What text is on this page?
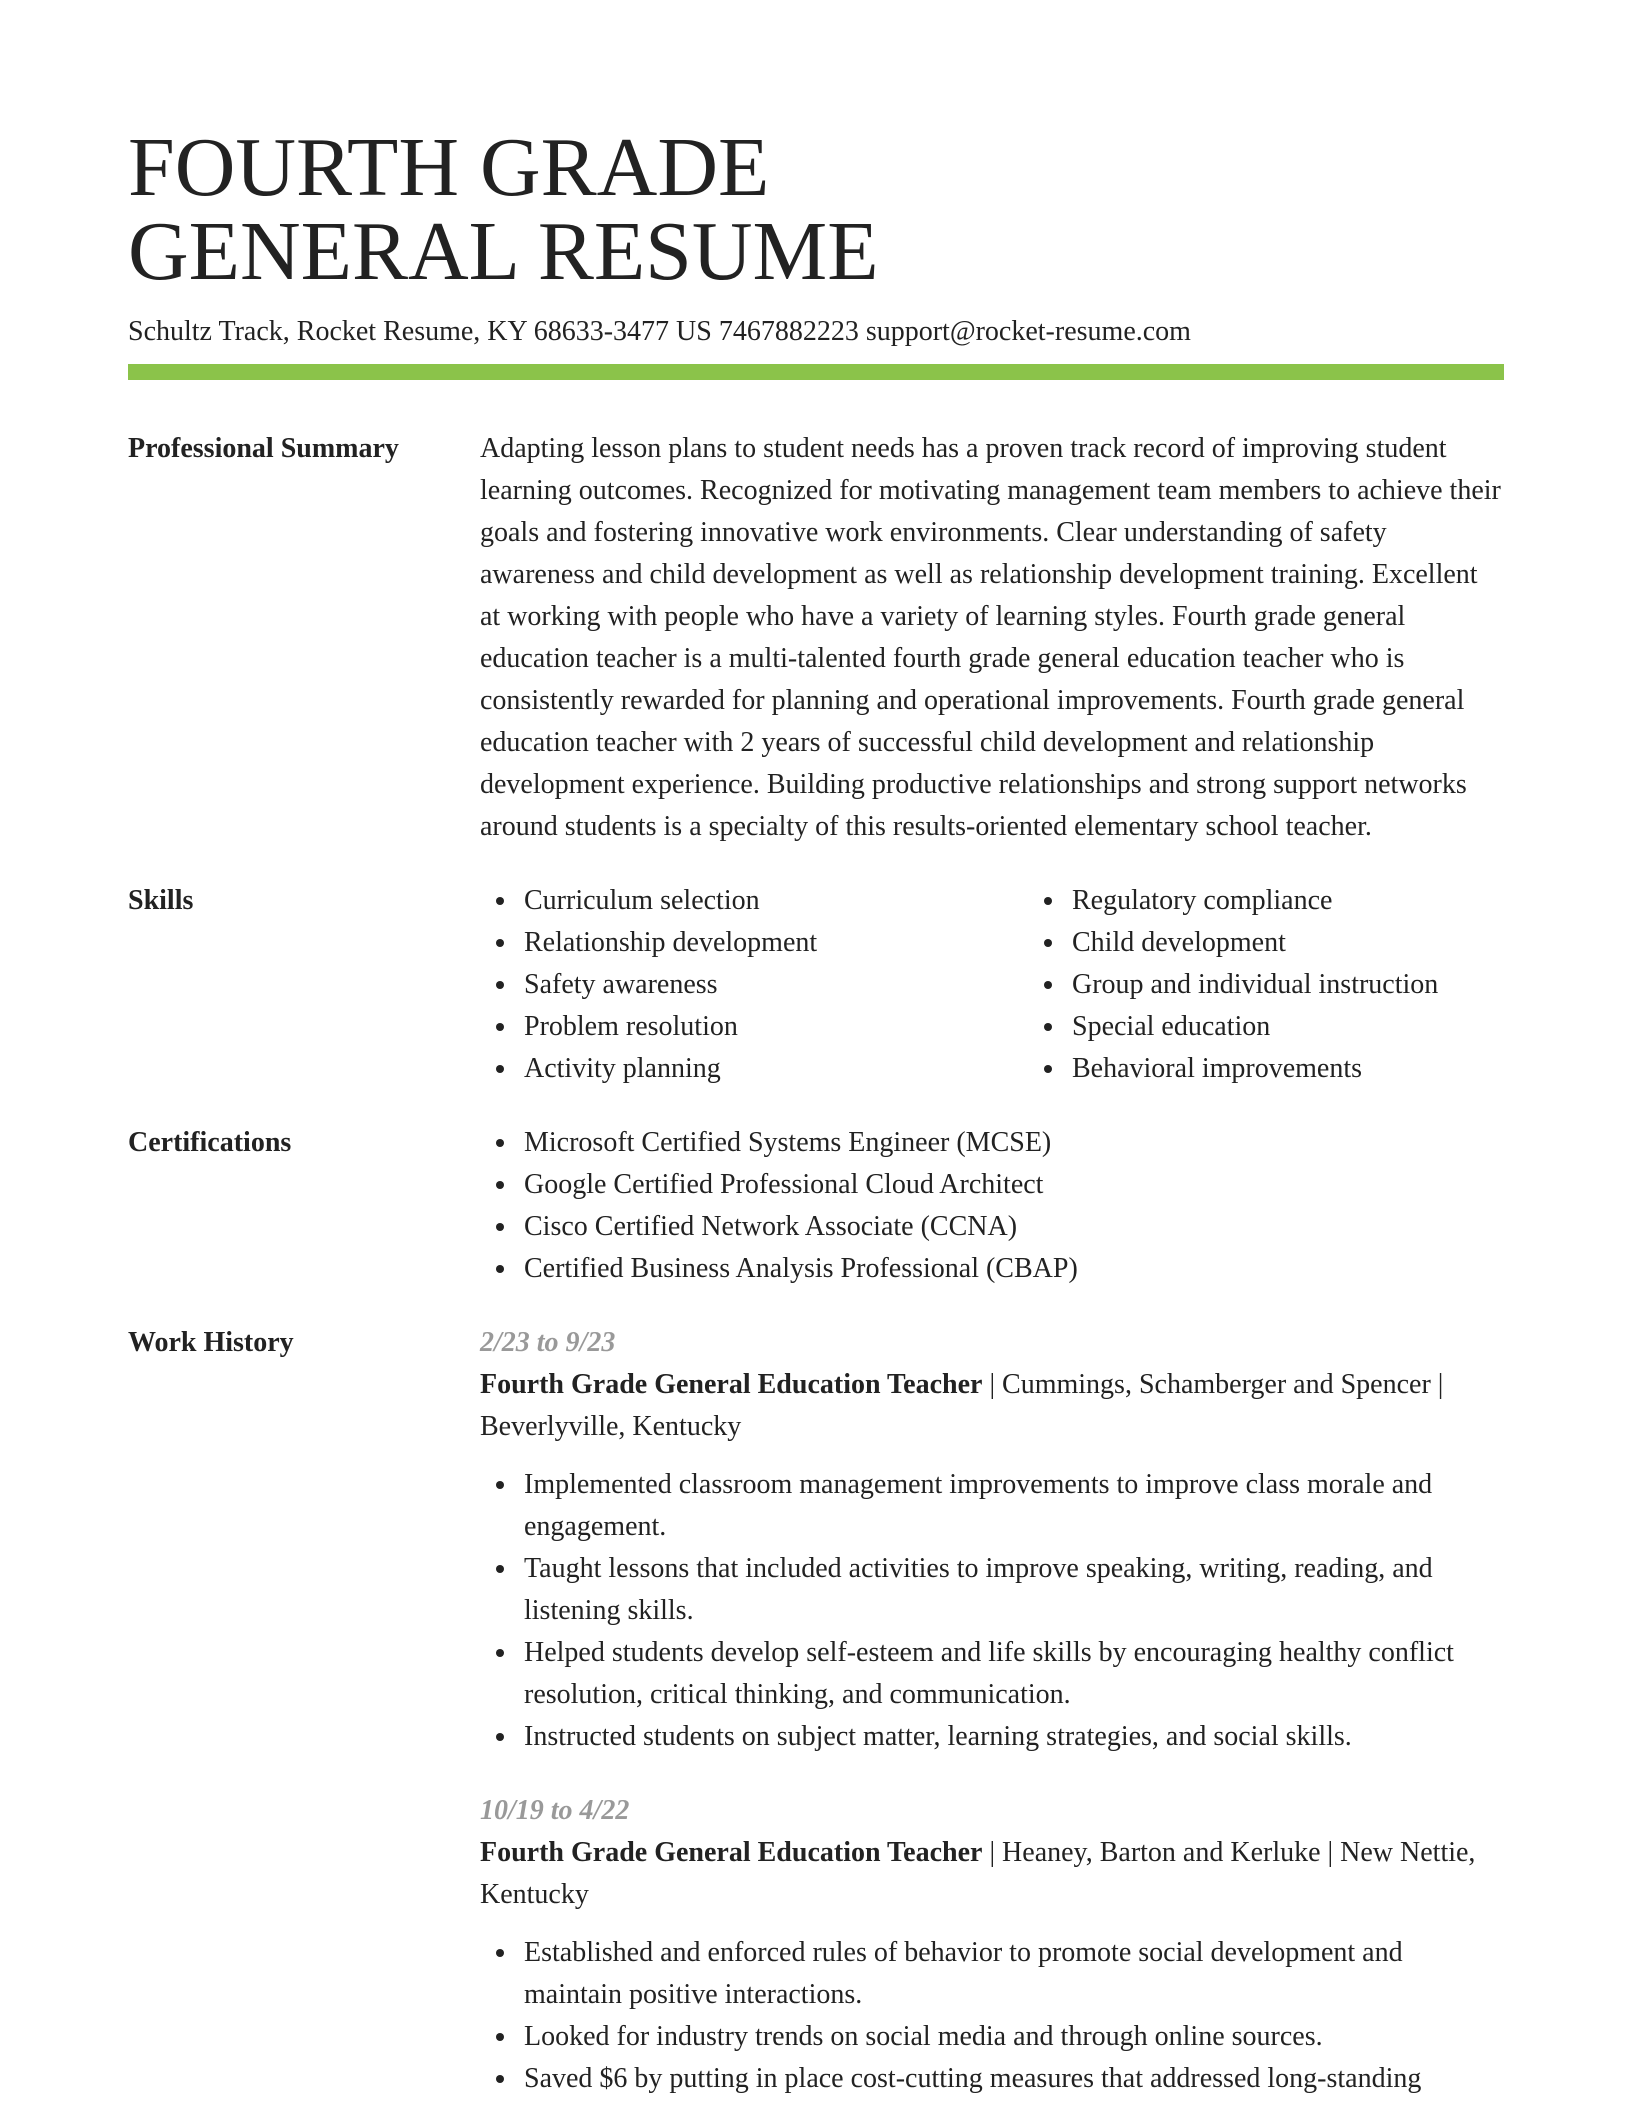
FOURTH GRADE
GENERAL RESUME
Schultz Track, Rocket Resume, KY 68633-3477 US 7467882223 support@rocket-resume.com
Professional Summary	Adapting lesson plans to student needs has a proven track record of improving student learning outcomes. Recognized for motivating management team members to achieve their goals and fostering innovative work environments. Clear understanding of safety awareness and child development as well as relationship development training. Excellent at working with people who have a variety of learning styles. Fourth grade general education teacher is a multi-talented fourth grade general education teacher who is consistently rewarded for planning and operational improvements. Fourth grade general education teacher with 2 years of successful child development and relationship development experience. Building productive relationships and strong support networks around students is a specialty of this results-oriented elementary school teacher.
Skills	Curriculum selection
Relationship development
Safety awareness
Problem resolution
Activity planning
Regulatory compliance
Child development
Group and individual instruction
Special education
Behavioral improvements
Certifications	Microsoft Certified Systems Engineer (MCSE)
Google Certified Professional Cloud Architect
Cisco Certified Network Associate (CCNA)
Certified Business Analysis Professional (CBAP)
Work History	2/23 to 9/23
Fourth Grade General Education Teacher | Cummings, Schamberger and Spencer | Beverlyville, Kentucky
Implemented classroom management improvements to improve class morale and engagement.
Taught lessons that included activities to improve speaking, writing, reading, and listening skills.
Helped students develop self-esteem and life skills by encouraging healthy conflict resolution, critical thinking, and communication.
Instructed students on subject matter, learning strategies, and social skills.
10/19 to 4/22
Fourth Grade General Education Teacher | Heaney, Barton and Kerluke | New Nettie, Kentucky
Established and enforced rules of behavior to promote social development and maintain positive interactions.
Looked for industry trends on social media and through online sources.
Saved $6 by putting in place cost-cutting measures that addressed long-standing
